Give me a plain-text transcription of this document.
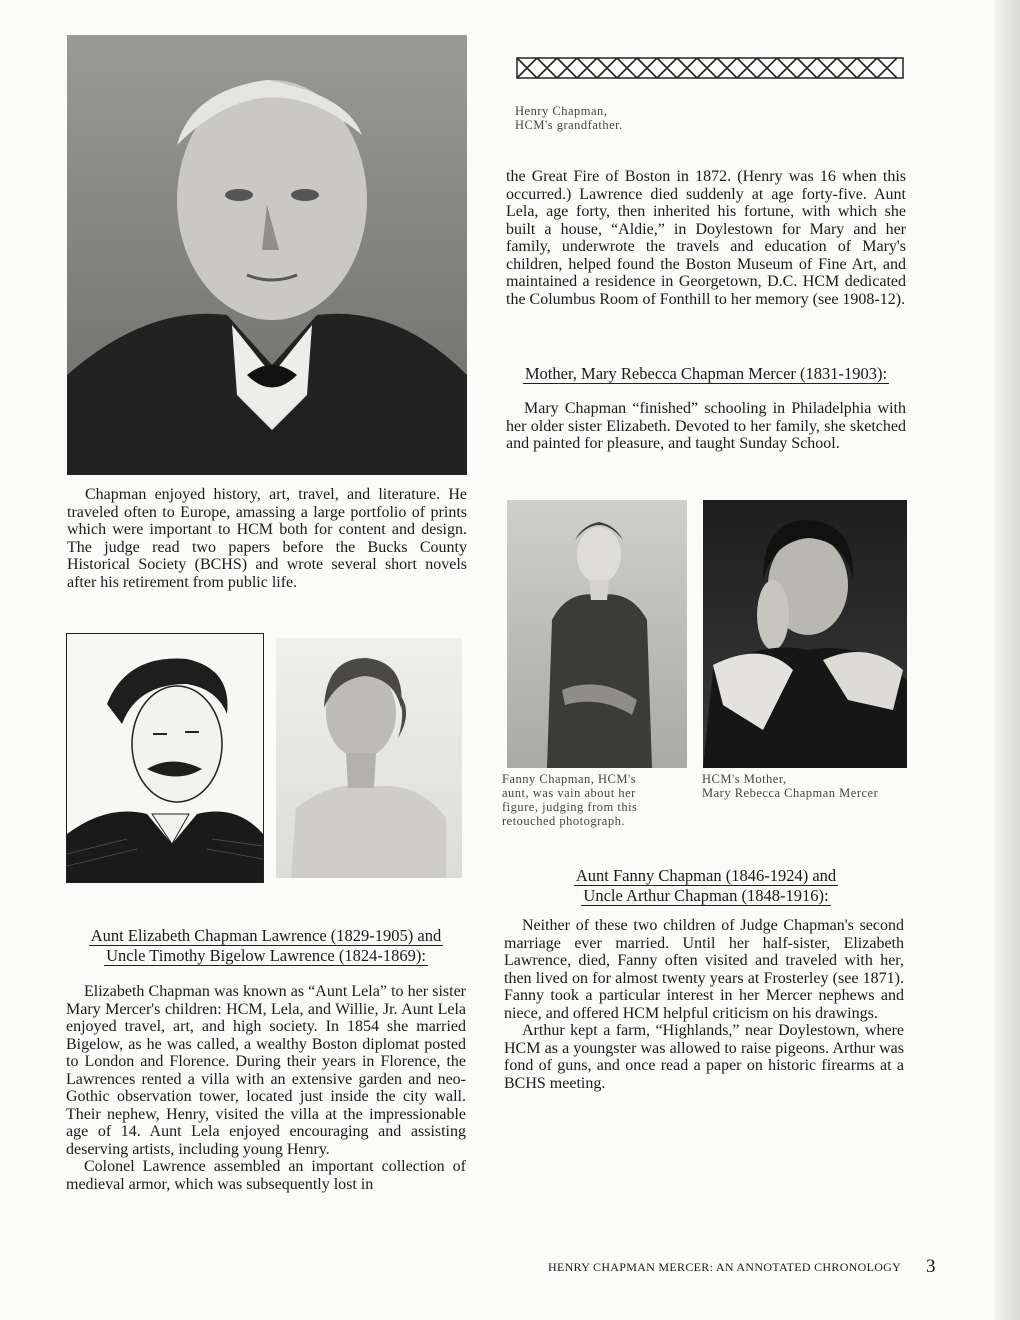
Henry Chapman,
HCM's grandfather.

the Great Fire of Boston in 1872. (Henry was 16 when this occurred.) Lawrence died suddenly at age forty-five. Aunt Lela, age forty, then inherited his fortune, with which she built a house, “Aldie,” in Doylestown for Mary and her family, underwrote the travels and education of Mary's children, helped found the Boston Museum of Fine Art, and maintained a residence in Georgetown, D.C. HCM dedicated the Columbus Room of Fonthill to her memory (see 1908-12).

Mother, Mary Rebecca Chapman Mercer (1831-1903):

Mary Chapman “finished” schooling in Philadelphia with her older sister Elizabeth. Devoted to her family, she sketched and painted for pleasure, and taught Sunday School.

Chapman enjoyed history, art, travel, and literature. He traveled often to Europe, amassing a large portfolio of prints which were important to HCM both for content and design. The judge read two papers before the Bucks County Historical Society (BCHS) and wrote several short novels after his retirement from public life.

Fanny Chapman, HCM's
aunt, was vain about her
figure, judging from this
retouched photograph.
HCM's Mother,
Mary Rebecca Chapman Mercer
Aunt Fanny Chapman (1846-1924) and
Uncle Arthur Chapman (1848-1916):

Neither of these two children of Judge Chapman's second marriage ever married. Until her half-sister, Elizabeth Lawrence, died, Fanny often visited and traveled with her, then lived on for almost twenty years at Frosterley (see 1871). Fanny took a particular interest in her Mercer nephews and niece, and offered HCM helpful criticism on his drawings.

Arthur kept a farm, “Highlands,” near Doylestown, where HCM as a youngster was allowed to raise pigeons. Arthur was fond of guns, and once read a paper on historic firearms at a BCHS meeting.

Aunt Elizabeth Chapman Lawrence (1829-1905) and
Uncle Timothy Bigelow Lawrence (1824-1869):

Elizabeth Chapman was known as “Aunt Lela” to her sister Mary Mercer's children: HCM, Lela, and Willie, Jr. Aunt Lela enjoyed travel, art, and high society. In 1854 she married Bigelow, as he was called, a wealthy Boston diplomat posted to London and Florence. During their years in Florence, the Lawrences rented a villa with an extensive garden and neo-Gothic observation tower, located just inside the city wall. Their nephew, Henry, visited the villa at the impressionable age of 14. Aunt Lela enjoyed encouraging and assisting deserving artists, including young Henry.

Colonel Lawrence assembled an important collection of medieval armor, which was subsequently lost in

HENRY CHAPMAN MERCER: AN ANNOTATED CHRONOLOGY 3
